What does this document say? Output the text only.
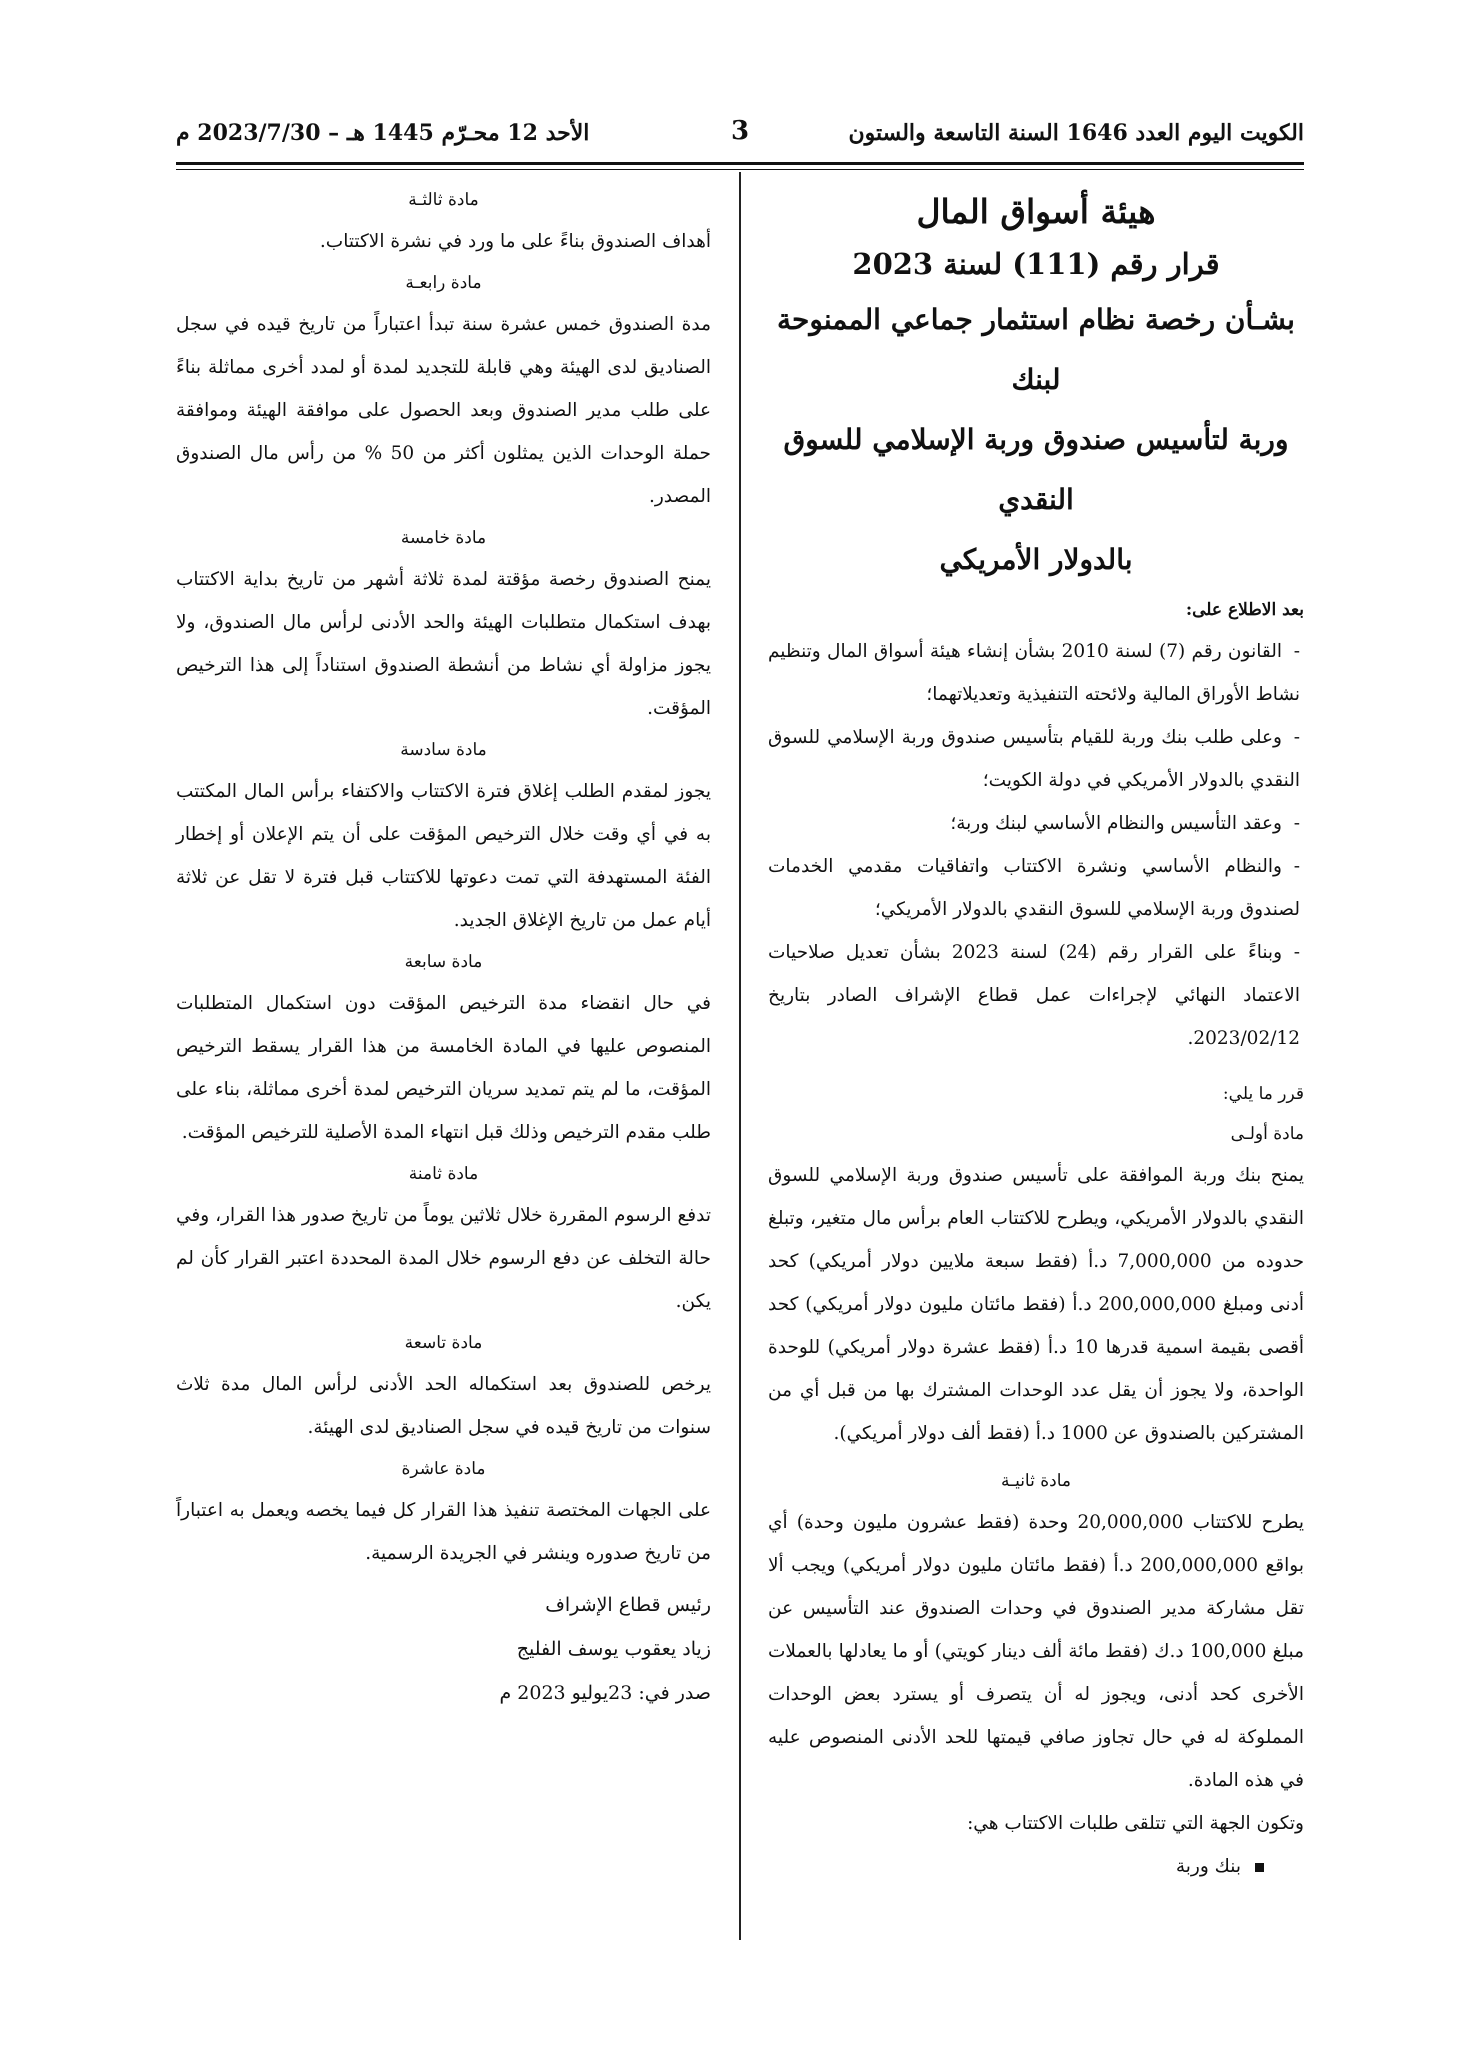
الكويت اليوم العدد 1646 السنة التاسعة والستون
3
الأحد 12 محـرّم 1445 هـ – 2023/7/30 م

هيئة أسواق المال

قرار رقم (111) لسنة 2023

بشـأن رخصة نظام استثمار جماعي الممنوحة لبنك

وربة لتأسيس صندوق وربة الإسلامي للسوق النقدي

بالدولار الأمريكي

بعد الاطلاع على:

-القانون رقم (7) لسنة 2010 بشأن إنشاء هيئة أسواق المال وتنظيم نشاط الأوراق المالية ولائحته التنفيذية وتعديلاتهما؛

-وعلى طلب بنك وربة للقيام بتأسيس صندوق وربة الإسلامي للسوق النقدي بالدولار الأمريكي في دولة الكويت؛

-وعقد التأسيس والنظام الأساسي لبنك وربة؛

-والنظام الأساسي ونشرة الاكتتاب واتفاقيات مقدمي الخدمات لصندوق وربة الإسلامي للسوق النقدي بالدولار الأمريكي؛

-وبناءً على القرار رقم (24) لسنة 2023 بشأن تعديل صلاحيات الاعتماد النهائي لإجراءات عمل قطاع الإشراف الصادر بتاريخ 2023/02/12.

قرر ما يلي:

مادة أولـى

يمنح بنك وربة الموافقة على تأسيس صندوق وربة الإسلامي للسوق النقدي بالدولار الأمريكي، ويطرح للاكتتاب العام برأس مال متغير، وتبلغ حدوده من 7,000,000 د.أ (فقط سبعة ملايين دولار أمريكي) كحد أدنى ومبلغ 200,000,000 د.أ (فقط مائتان مليون دولار أمريكي) كحد أقصى بقيمة اسمية قدرها 10 د.أ (فقط عشرة دولار أمريكي) للوحدة الواحدة، ولا يجوز أن يقل عدد الوحدات المشترك بها من قبل أي من المشتركين بالصندوق عن 1000 د.أ (فقط ألف دولار أمريكي).

مادة ثانيـة

يطرح للاكتتاب 20,000,000 وحدة (فقط عشرون مليون وحدة) أي بواقع 200,000,000 د.أ (فقط مائتان مليون دولار أمريكي) ويجب ألا تقل مشاركة مدير الصندوق في وحدات الصندوق عند التأسيس عن مبلغ 100,000 د.ك (فقط مائة ألف دينار كويتي) أو ما يعادلها بالعملات الأخرى كحد أدنى، ويجوز له أن يتصرف أو يسترد بعض الوحدات المملوكة له في حال تجاوز صافي قيمتها للحد الأدنى المنصوص عليه في هذه المادة.

وتكون الجهة التي تتلقى طلبات الاكتتاب هي:

بنك وربة

مادة ثالثـة

أهداف الصندوق بناءً على ما ورد في نشرة الاكتتاب.

مادة رابعـة

مدة الصندوق خمس عشرة سنة تبدأ اعتباراً من تاريخ قيده في سجل الصناديق لدى الهيئة وهي قابلة للتجديد لمدة أو لمدد أخرى مماثلة بناءً على طلب مدير الصندوق وبعد الحصول على موافقة الهيئة وموافقة حملة الوحدات الذين يمثلون أكثر من 50 % من رأس مال الصندوق المصدر.

مادة خامسة

يمنح الصندوق رخصة مؤقتة لمدة ثلاثة أشهر من تاريخ بداية الاكتتاب بهدف استكمال متطلبات الهيئة والحد الأدنى لرأس مال الصندوق، ولا يجوز مزاولة أي نشاط من أنشطة الصندوق استناداً إلى هذا الترخيص المؤقت.

مادة سادسة

يجوز لمقدم الطلب إغلاق فترة الاكتتاب والاكتفاء برأس المال المكتتب به في أي وقت خلال الترخيص المؤقت على أن يتم الإعلان أو إخطار الفئة المستهدفة التي تمت دعوتها للاكتتاب قبل فترة لا تقل عن ثلاثة أيام عمل من تاريخ الإغلاق الجديد.

مادة سابعة

في حال انقضاء مدة الترخيص المؤقت دون استكمال المتطلبات المنصوص عليها في المادة الخامسة من هذا القرار يسقط الترخيص المؤقت، ما لم يتم تمديد سريان الترخيص لمدة أخرى مماثلة، بناء على طلب مقدم الترخيص وذلك قبل انتهاء المدة الأصلية للترخيص المؤقت.

مادة ثامنة

تدفع الرسوم المقررة خلال ثلاثين يوماً من تاريخ صدور هذا القرار، وفي حالة التخلف عن دفع الرسوم خلال المدة المحددة اعتبر القرار كأن لم يكن.

مادة تاسعة

يرخص للصندوق بعد استكماله الحد الأدنى لرأس المال مدة ثلاث سنوات من تاريخ قيده في سجل الصناديق لدى الهيئة.

مادة عاشرة

على الجهات المختصة تنفيذ هذا القرار كل فيما يخصه ويعمل به اعتباراً من تاريخ صدوره وينشر في الجريدة الرسمية.

رئيس قطاع الإشراف

زياد يعقوب يوسف الفليج

صدر في: 23يوليو 2023 م
